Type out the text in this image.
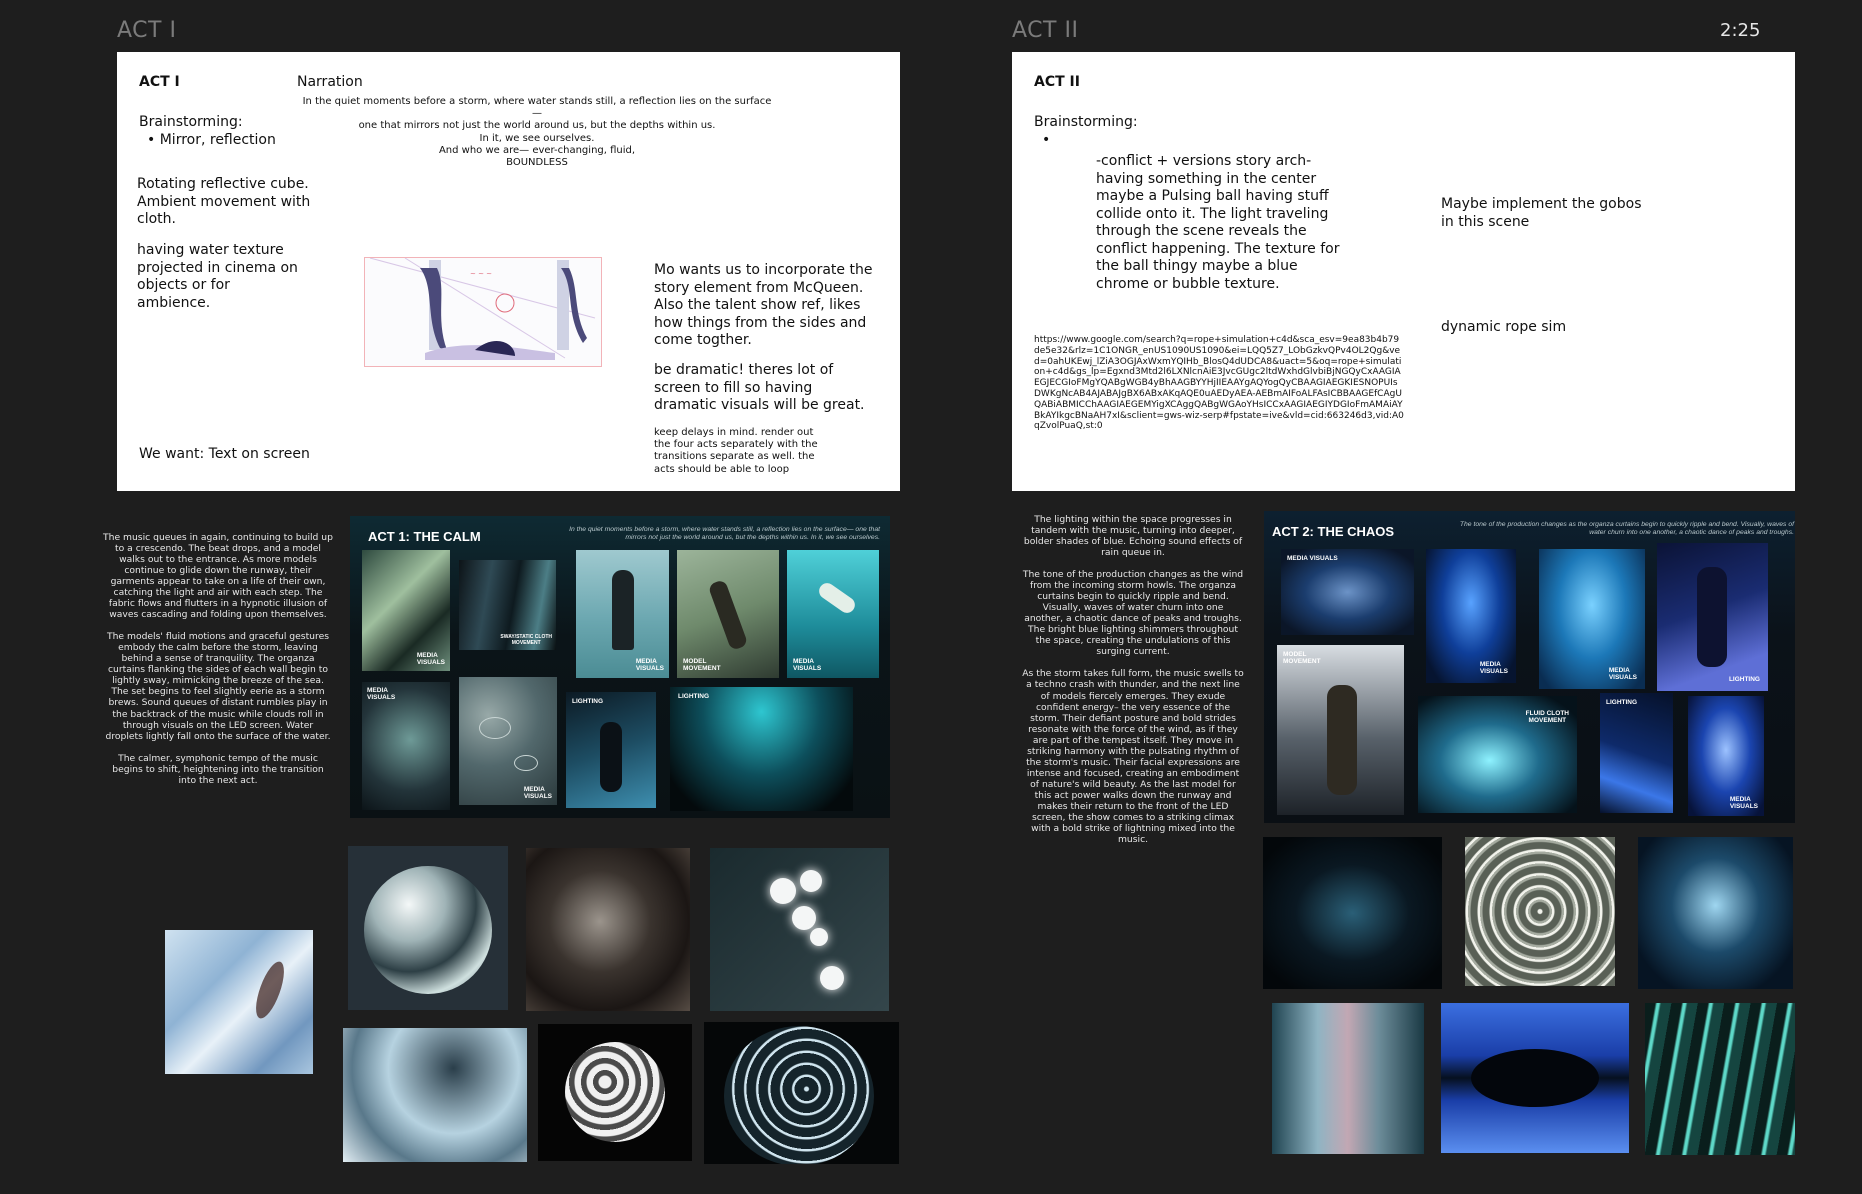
ACT I	2:25
ACT I	Narration
In the quiet moments before a storm, where water stands still, a reflection lies on the surface —
one that mirrors not just the world around us, but the depths within us.
In it, we see ourselves.
And who we are— ever-changing, fluid,
BOUNDLESS
Brainstorming:
• Mirror, reflection
Rotating reflective cube. Ambient movement with cloth.
having water texture projected in cinema on objects or for ambience.
~ ~ ~	Mo wants us to incorporate the story element from McQueen. Also the talent show ref, likes how things from the sides and come togther.
be dramatic! theres lot of screen to fill so having dramatic visuals will be great.
keep delays in mind. render out the four acts separately with the transitions separate as well. the acts should be able to loop
We want: Text on screen
The music queues in again, continuing to build up to a crescendo. The beat drops, and a model walks out to the entrance. As more models continue to glide down the runway, their garments appear to take on a life of their own, catching the light and air with each step. The fabric flows and flutters in a hypnotic illusion of waves cascading and folding upon themselves.

The models' fluid motions and graceful gestures embody the calm before the storm, leaving behind a sense of tranquility. The organza curtains flanking the sides of each wall begin to lightly sway, mimicking the breeze of the sea. The set begins to feel slightly eerie as a storm brews. Sound queues of distant rumbles play in the backtrack of the music while clouds roll in through visuals on the LED screen. Water droplets lightly fall onto the surface of the water.

The calmer, symphonic tempo of the music begins to shift, heightening into the transition into the next act.
ACT 1: THE CALM	In the quiet moments before a storm, where water stands still, a reflection lies on the surface— one that mirrors not just the world around us, but the depths within us. In it, we see ourselves.
MEDIA
VISUALS
SWAY/STATIC CLOTH
MOVEMENT
MEDIA
VISUALS
MODEL
MOVEMENT
MEDIA
VISUALS
MEDIA
VISUALS
MEDIA
VISUALS
LIGHTING
LIGHTING
ACT II
ACT II
Brainstorming:
•
-conflict + versions story arch- having something in the center maybe a Pulsing ball having stuff collide onto it. The light traveling through the scene reveals the conflict happening. The texture for the ball thingy maybe a blue chrome or bubble texture.
Maybe implement the gobos in this scene
dynamic rope sim
https://www.google.com/search?q=rope+simulation+c4d&sca_esv=9ea83b4b79de5e32&rlz=1C1ONGR_enUS1090US1090&ei=LQQ5Z7_LObGzkvQPv4OL2Qg&ved=0ahUKEwj_lZiA3OGJAxWxmYQIHb_BlosQ4dUDCA8&uact=5&oq=rope+simulation+c4d&gs_lp=Egxnd3Mtd2l6LXNlcnAiE3JvcGUgc2ltdWxhdGlvbiBjNGQyCxAAGIAEGJECGIoFMgYQABgWGB4yBhAAGBYYHjIIEAAYgAQYogQyCBAAGIAEGKIESNOPUIsDWKgNcAB4AJABAJgBX6ABxAKqAQE0uAEDyAEA-AEBmAIFoALFAsICBBAAGEfCAgUQABiABMICChAAGIAEGEMYigXCAggQABgWGAoYHsICCxAAGIAEGIYDGIoFmAMAiAYBkAYIkgcBNaAH7xI&sclient=gws-wiz-serp#fpstate=ive&vld=cid:663246d3,vid:A0qZvolPuaQ,st:0
The lighting within the space progresses in tandem with the music, turning into deeper, bolder shades of blue. Echoing sound effects of rain queue in.

The tone of the production changes as the wind from the incoming storm howls. The organza curtains begin to quickly ripple and bend. Visually, waves of water churn into one another, a chaotic dance of peaks and troughs. The bright blue lighting shimmers throughout the space, creating the undulations of this surging current.

As the storm takes full form, the music swells to a techno crash with thunder, and the next line of models fiercely emerges. They exude confident energy– the very essence of the storm. Their defiant posture and bold strides resonate with the force of the wind, as if they are part of the tempest itself. They move in striking harmony with the pulsating rhythm of the storm's music. Their facial expressions are intense and focused, creating an embodiment of nature's wild beauty. As the last model for this act power walks down the runway and makes their return to the front of the LED screen, the show comes to a striking climax with a bold strike of lightning mixed into the music.
ACT 2: THE CHAOS	The tone of the production changes as the organza curtains begin to quickly ripple and bend. Visually, waves of water churn into one another, a chaotic dance of peaks and troughs.
MEDIA VISUALS
MEDIA
VISUALS	MEDIA
VISUALS	LIGHTING
MODEL
MOVEMENT
FLUID CLOTH
MOVEMENT
LIGHTING
MEDIA
VISUALS
